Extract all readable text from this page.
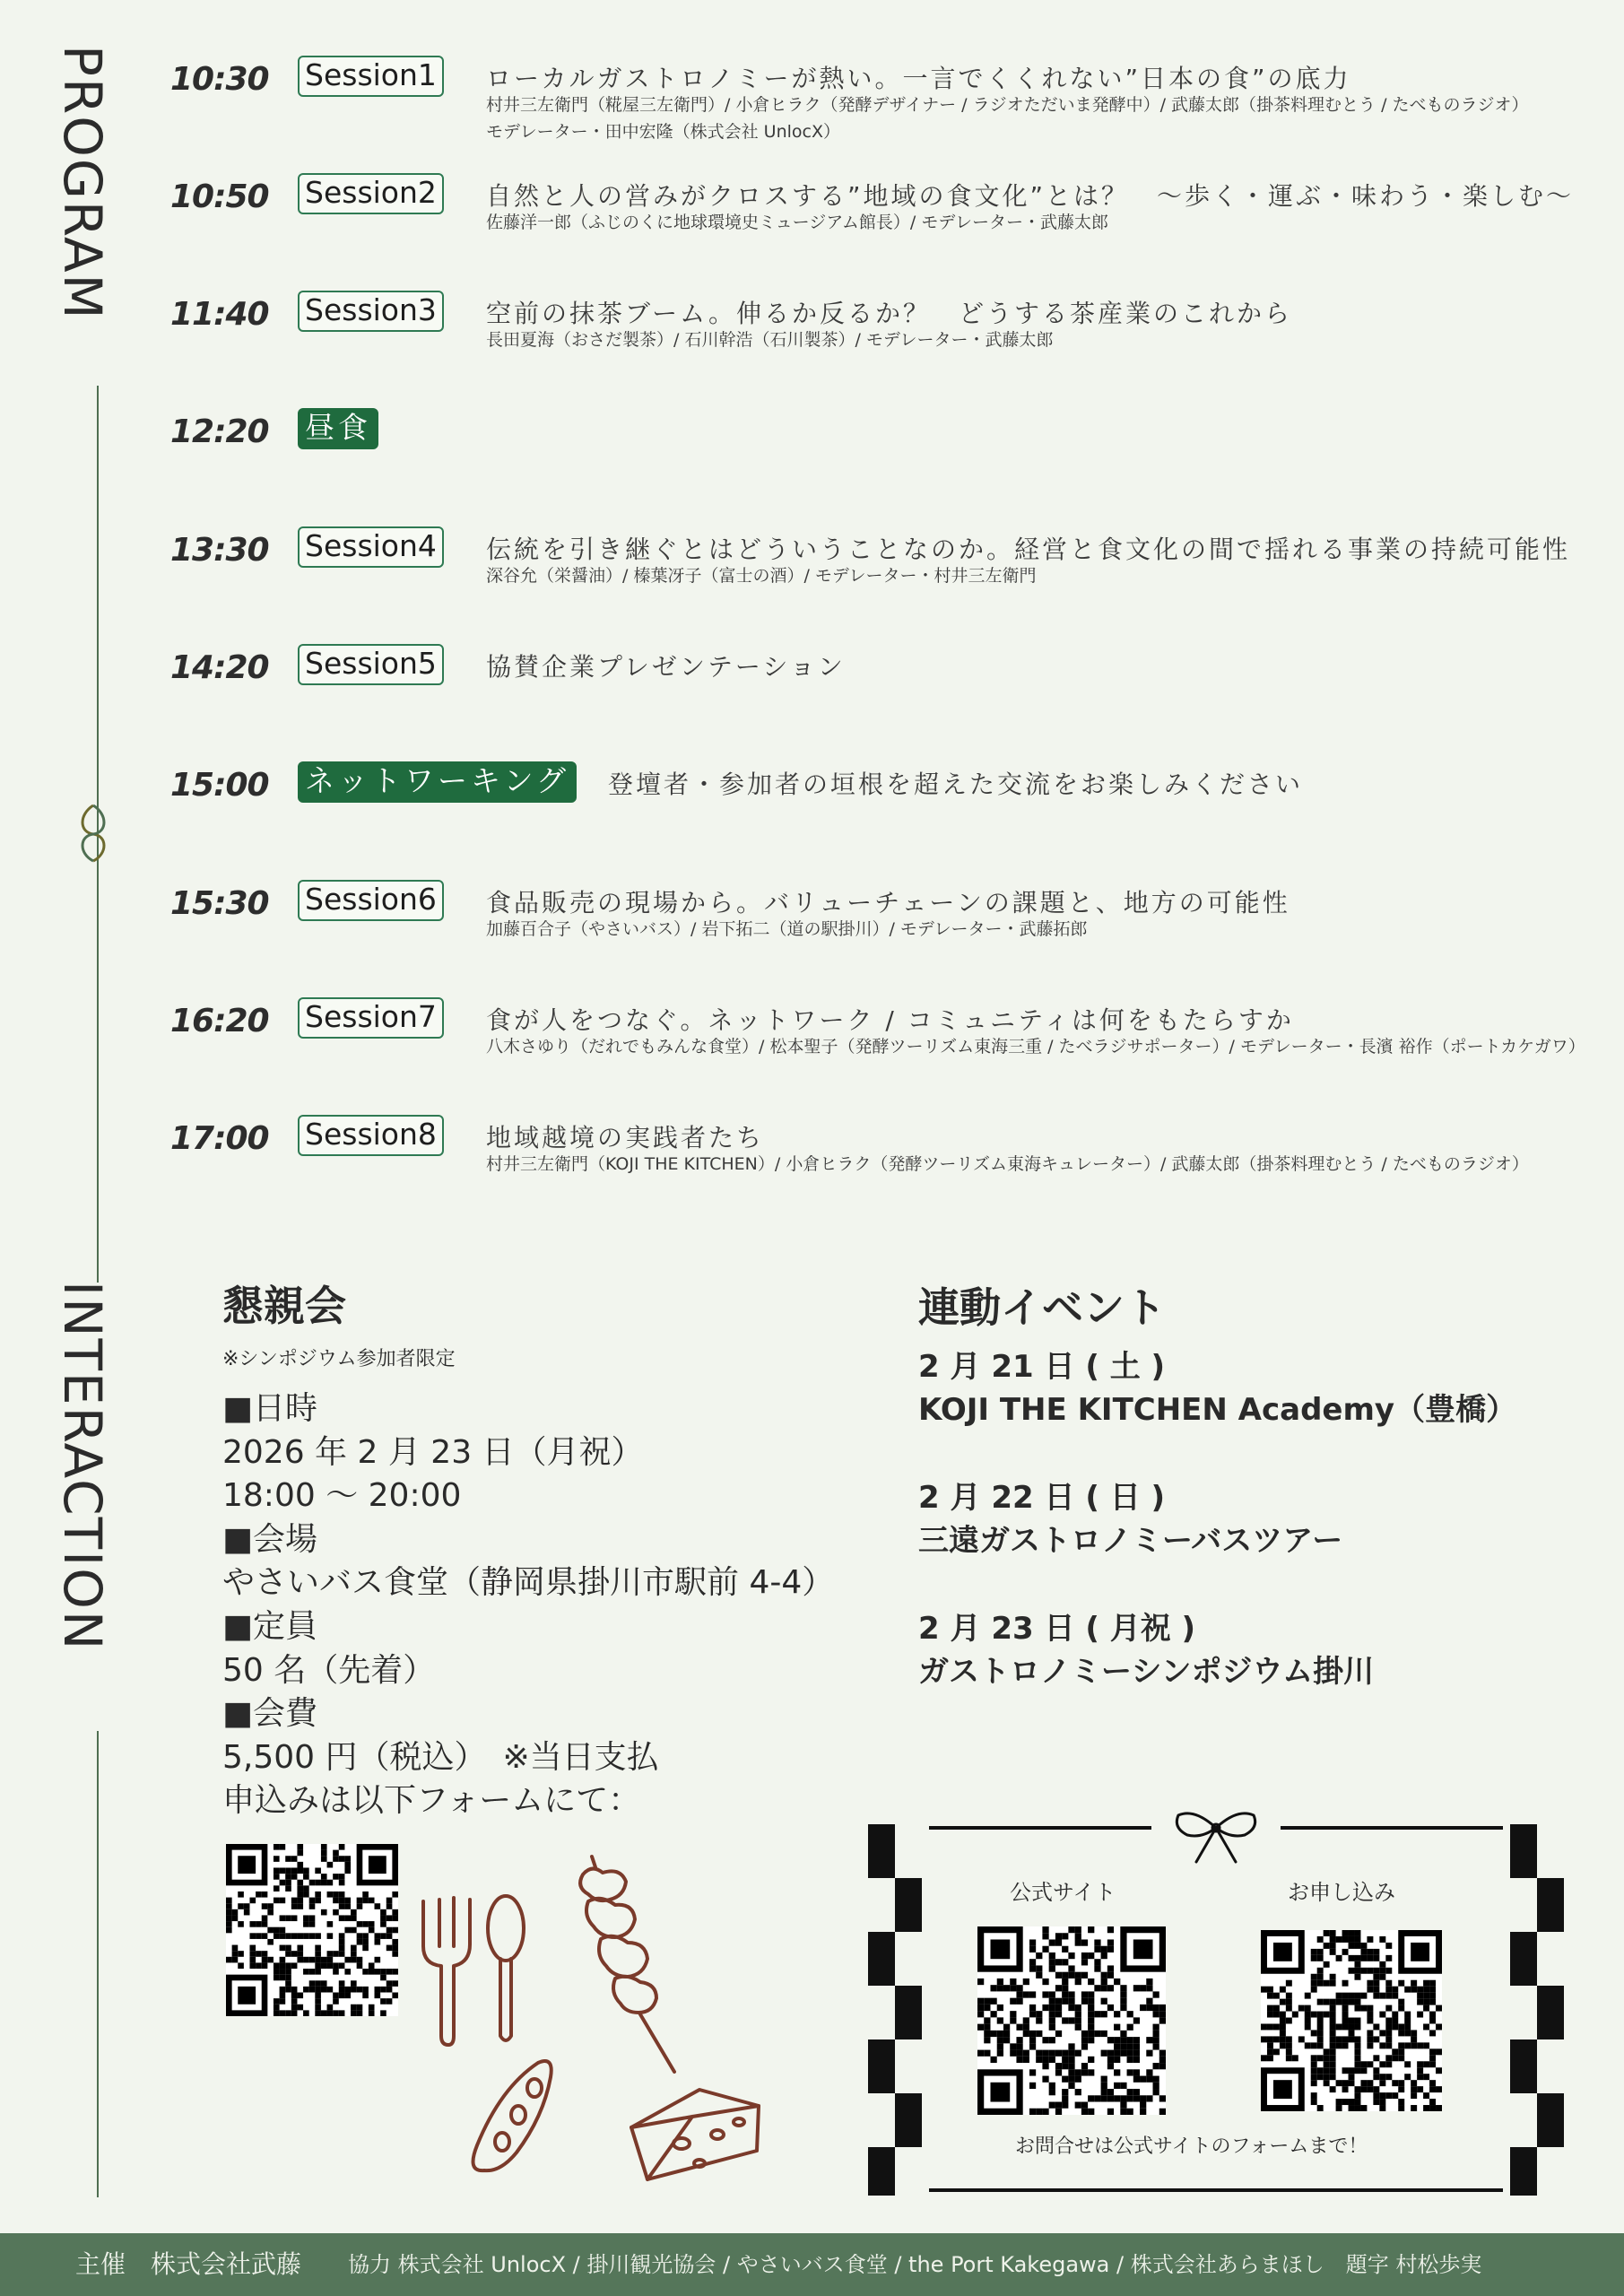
PROGRAM
INTERACTION
10:30 Session1 ローカルガストロノミーが熱い。一言でくくれない”日本の食”の底力
村井三左衛門（糀屋三左衛門）/ 小倉ヒラク（発酵デザイナー / ラジオただいま発酵中）/ 武藤太郎（掛茶料理むとう / たべものラジオ）
モデレーター・田中宏隆（株式会社 UnlocX）
10:50 Session2 自然と人の営みがクロスする”地域の食文化”とは？　～歩く・運ぶ・味わう・楽しむ～
佐藤洋一郎（ふじのくに地球環境史ミュージアム館長）/ モデレーター・武藤太郎
11:40 Session3 空前の抹茶ブーム。伸るか反るか？　どうする茶産業のこれから
長田夏海（おさだ製茶）/ 石川幹浩（石川製茶）/ モデレーター・武藤太郎
12:20 昼食
13:30 Session4 伝統を引き継ぐとはどういうことなのか。経営と食文化の間で揺れる事業の持続可能性
深谷允（栄醤油）/ 榛葉冴子（富士の酒）/ モデレーター・村井三左衛門
14:20 Session5 協賛企業プレゼンテーション
15:00 ネットワーキング 登壇者・参加者の垣根を超えた交流をお楽しみください
15:30 Session6 食品販売の現場から。バリューチェーンの課題と、地方の可能性
加藤百合子（やさいバス）/ 岩下拓二（道の駅掛川）/ モデレーター・武藤拓郎
16:20 Session7 食が人をつなぐ。ネットワーク / コミュニティは何をもたらすか
八木さゆり（だれでもみんな食堂）/ 松本聖子（発酵ツーリズム東海三重 / たべラジサポーター）/ モデレーター・長濱 裕作（ポートカケガワ）
17:00 Session8 地域越境の実践者たち
村井三左衛門（KOJI THE KITCHEN）/ 小倉ヒラク（発酵ツーリズム東海キュレーター）/ 武藤太郎（掛茶料理むとう / たべものラジオ）
懇親会
※シンポジウム参加者限定
■日時
2026 年 2 月 23 日（月祝）
18:00 ～ 20:00
■会場
やさいバス食堂（静岡県掛川市駅前 4-4）
■定員
50 名（先着）
■会費
5,500 円（税込）　※当日支払
申込みは以下フォームにて：
連動イベント
2 月 21 日 ( 土 )
KOJI THE KITCHEN Academy（豊橋）
2 月 22 日 ( 日 )
三遠ガストロノミーバスツアー
2 月 23 日 ( 月祝 )
ガストロノミーシンポジウム掛川
公式サイト	お申し込み
お問合せは公式サイトのフォームまで！
主催　株式会社武藤 協力 株式会社 UnlocX / 掛川観光協会 / やさいバス食堂 / the Port Kakegawa / 株式会社あらまほし　題字 村松歩実
